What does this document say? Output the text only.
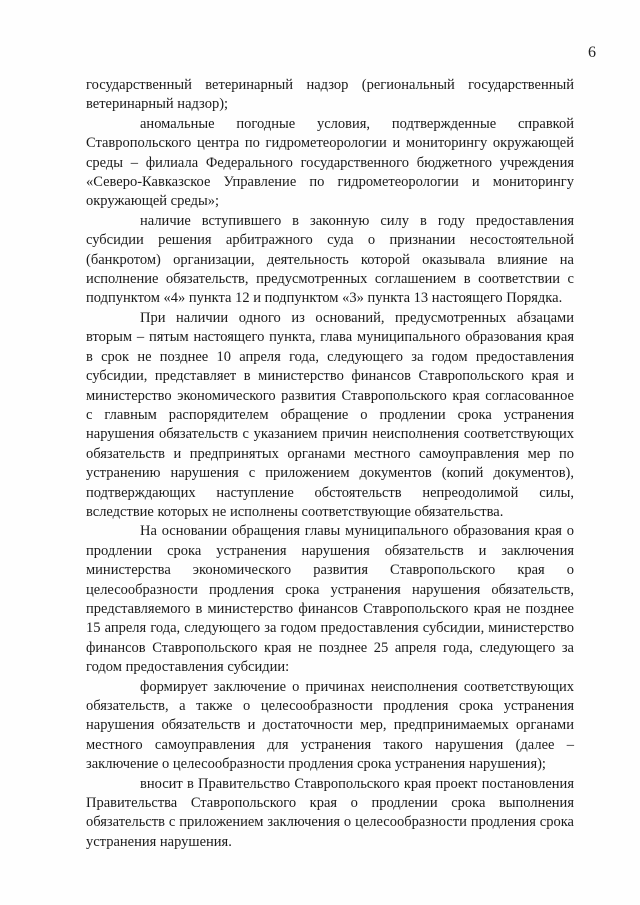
6

государственный ветеринарный надзор (региональный государственный ветеринарный надзор);

аномальные погодные условия, подтвержденные справкой Ставропольского центра по гидрометеорологии и мониторингу окружающей среды – филиала Федерального государственного бюджетного учреждения «Северо-Кавказское Управление по гидрометеорологии и мониторингу окружающей среды»;

наличие вступившего в законную силу в году предоставления субсидии решения арбитражного суда о признании несостоятельной (банкротом) организации, деятельность которой оказывала влияние на исполнение обязательств, предусмотренных соглашением в соответствии с подпунктом «4» пункта 12 и подпунктом «3» пункта 13 настоящего Порядка.

При наличии одного из оснований, предусмотренных абзацами вторым – пятым настоящего пункта, глава муниципального образования края в срок не позднее 10 апреля года, следующего за годом предоставления субсидии, представляет в министерство финансов Ставропольского края и министерство экономического развития Ставропольского края согласованное с главным распорядителем обращение о продлении срока устранения нарушения обязательств с указанием причин неисполнения соответствующих обязательств и предпринятых органами местного самоуправления мер по устранению нарушения с приложением документов (копий документов), подтверждающих наступление обстоятельств непреодолимой силы, вследствие которых не исполнены соответствующие обязательства.

На основании обращения главы муниципального образования края о продлении срока устранения нарушения обязательств и заключения министерства экономического развития Ставропольского края о целесообразности продления срока устранения нарушения обязательств, представляемого в министерство финансов Ставропольского края не позднее 15 апреля года, следующего за годом предоставления субсидии, министерство финансов Ставропольского края не позднее 25 апреля года, следующего за годом предоставления субсидии:

формирует заключение о причинах неисполнения соответствующих обязательств, а также о целесообразности продления срока устранения нарушения обязательств и достаточности мер, предпринимаемых органами местного самоуправления для устранения такого нарушения (далее – заключение о целесообразности продления срока устранения нарушения);

вносит в Правительство Ставропольского края проект постановления Правительства Ставропольского края о продлении срока выполнения обязательств с приложением заключения о целесообразности продления срока устранения нарушения.
